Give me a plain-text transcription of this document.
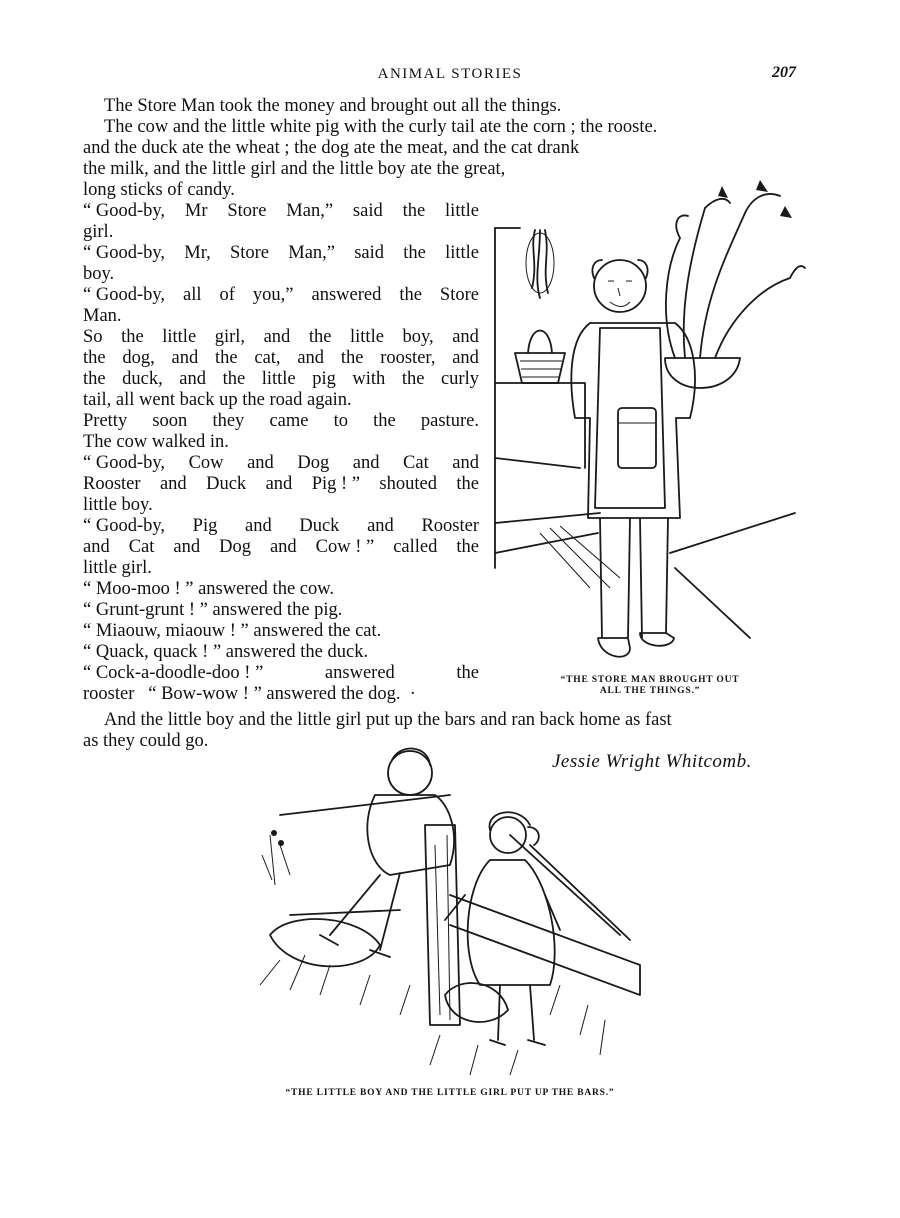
ANIMAL STORIES	207
The Store Man took the money and brought out all the things.
The cow and the little white pig with the curly tail ate the corn ; the rooste.
and the duck ate the wheat ; the dog ate the meat, and the cat drank
the milk, and the little girl and the little boy ate the great,
long sticks of candy.
“ Good-by, Mr Store Man,” said the little
girl.
“ Good-by, Mr, Store Man,” said the little
boy.
“ Good-by, all of you,” answered the Store
Man.
So the little girl, and the little boy, and
the dog, and the cat, and the rooster, and
the duck, and the little pig with the curly
tail, all went back up the road again.
Pretty soon they came to the pasture.
The cow walked in.
“ Good-by, Cow and Dog and Cat and
Rooster and Duck and Pig ! ” shouted the
little boy.
“ Good-by, Pig and Duck and Rooster
and Cat and Dog and Cow ! ” called the
little girl.
“ Moo-moo ! ” answered the cow.
“ Grunt-grunt ! ” answered the pig.
“ Miaouw, miaouw ! ” answered the cat.
“ Quack, quack ! ” answered the duck.
“ Cock-a-doodle-doo ! ”	answered	the
rooster   “ Bow-wow ! ” answered the dog.  ·
And the little boy and the little girl put up the bars and ran back home as fast
as they could go.
Jessie Wright Whitcomb.
“THE STORE MAN BROUGHT OUT
ALL THE THINGS.”
“THE LITTLE BOY AND THE LITTLE GIRL PUT UP THE BARS.”
